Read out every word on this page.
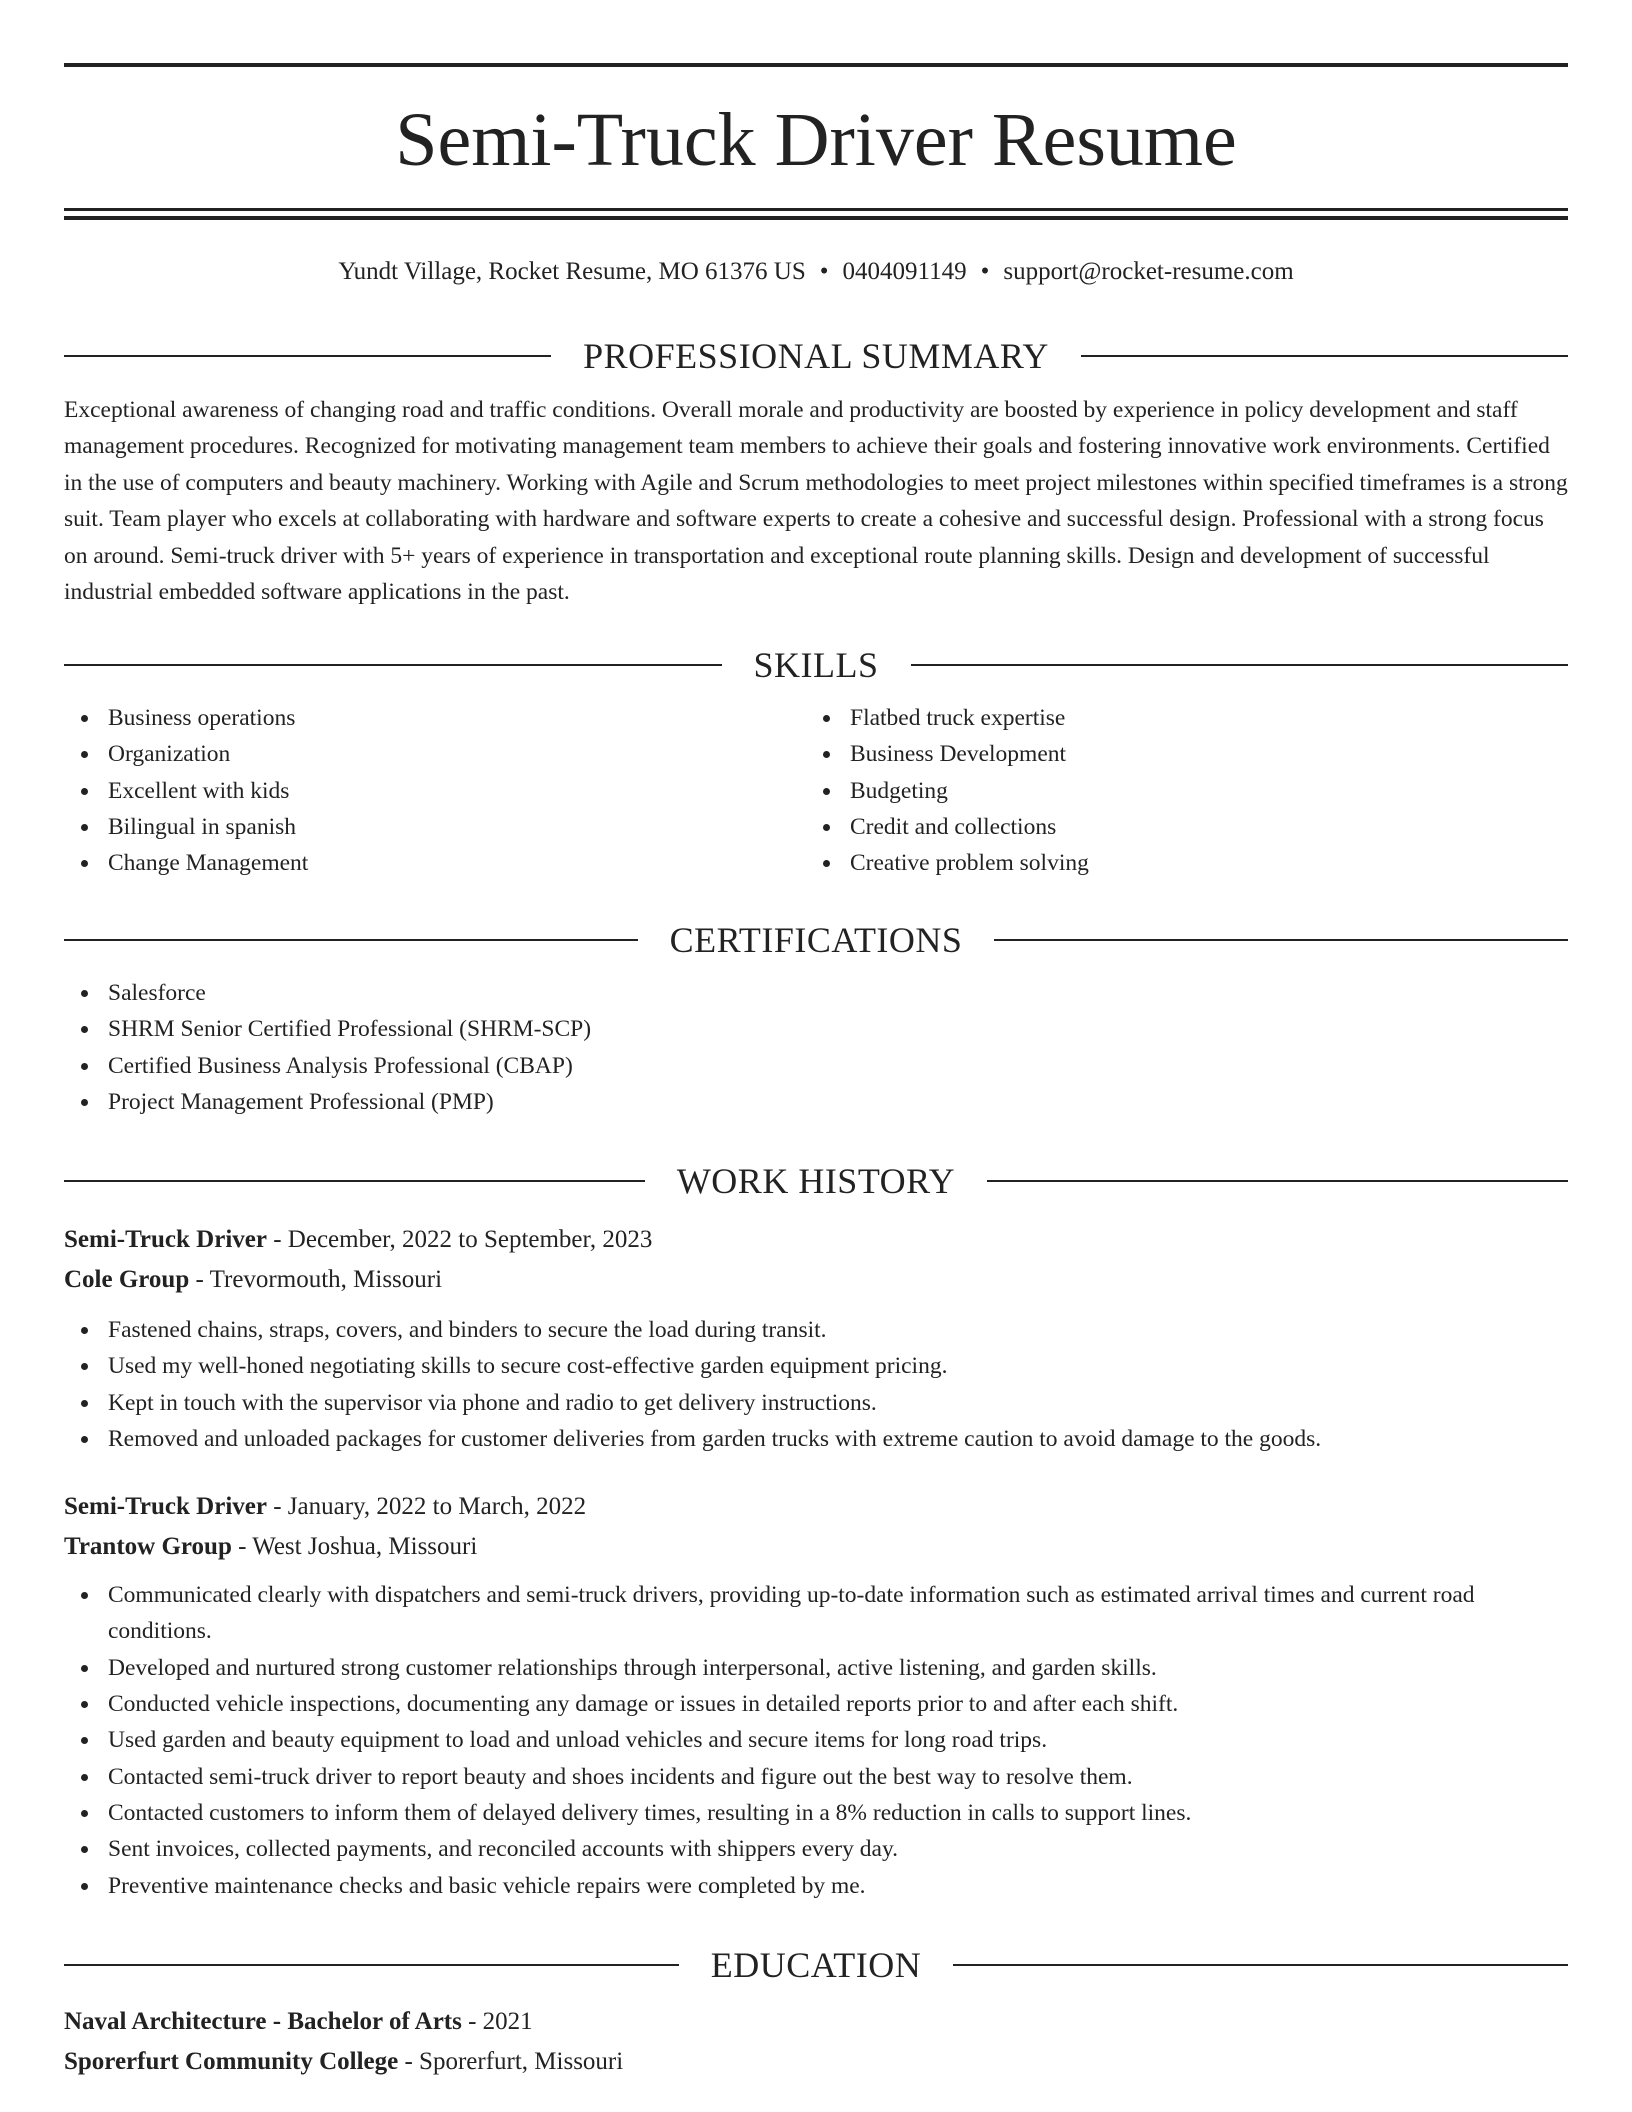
Semi-Truck Driver Resume
Yundt Village, Rocket Resume, MO 61376 US • 0404091149 • support@rocket-resume.com
PROFESSIONAL SUMMARY

Exceptional awareness of changing road and traffic conditions. Overall morale and productivity are boosted by experience in policy development and staff management procedures. Recognized for motivating management team members to achieve their goals and fostering innovative work environments. Certified in the use of computers and beauty machinery. Working with Agile and Scrum methodologies to meet project milestones within specified timeframes is a strong suit. Team player who excels at collaborating with hardware and software experts to create a cohesive and successful design. Professional with a strong focus on around. Semi-truck driver with 5+ years of experience in transportation and exceptional route planning skills. Design and development of successful industrial embedded software applications in the past.

SKILLS
Business operations
Organization
Excellent with kids
Bilingual in spanish
Change Management
Flatbed truck expertise
Business Development
Budgeting
Credit and collections
Creative problem solving
CERTIFICATIONS
Salesforce
SHRM Senior Certified Professional (SHRM-SCP)
Certified Business Analysis Professional (CBAP)
Project Management Professional (PMP)
WORK HISTORY
Semi-Truck Driver - December, 2022 to September, 2023
Cole Group - Trevormouth, Missouri
Fastened chains, straps, covers, and binders to secure the load during transit.
Used my well-honed negotiating skills to secure cost-effective garden equipment pricing.
Kept in touch with the supervisor via phone and radio to get delivery instructions.
Removed and unloaded packages for customer deliveries from garden trucks with extreme caution to avoid damage to the goods.
Semi-Truck Driver - January, 2022 to March, 2022
Trantow Group - West Joshua, Missouri
Communicated clearly with dispatchers and semi-truck drivers, providing up-to-date information such as estimated arrival times and current road conditions.
Developed and nurtured strong customer relationships through interpersonal, active listening, and garden skills.
Conducted vehicle inspections, documenting any damage or issues in detailed reports prior to and after each shift.
Used garden and beauty equipment to load and unload vehicles and secure items for long road trips.
Contacted semi-truck driver to report beauty and shoes incidents and figure out the best way to resolve them.
Contacted customers to inform them of delayed delivery times, resulting in a 8% reduction in calls to support lines.
Sent invoices, collected payments, and reconciled accounts with shippers every day.
Preventive maintenance checks and basic vehicle repairs were completed by me.
EDUCATION
Naval Architecture - Bachelor of Arts - 2021
Sporerfurt Community College - Sporerfurt, Missouri
